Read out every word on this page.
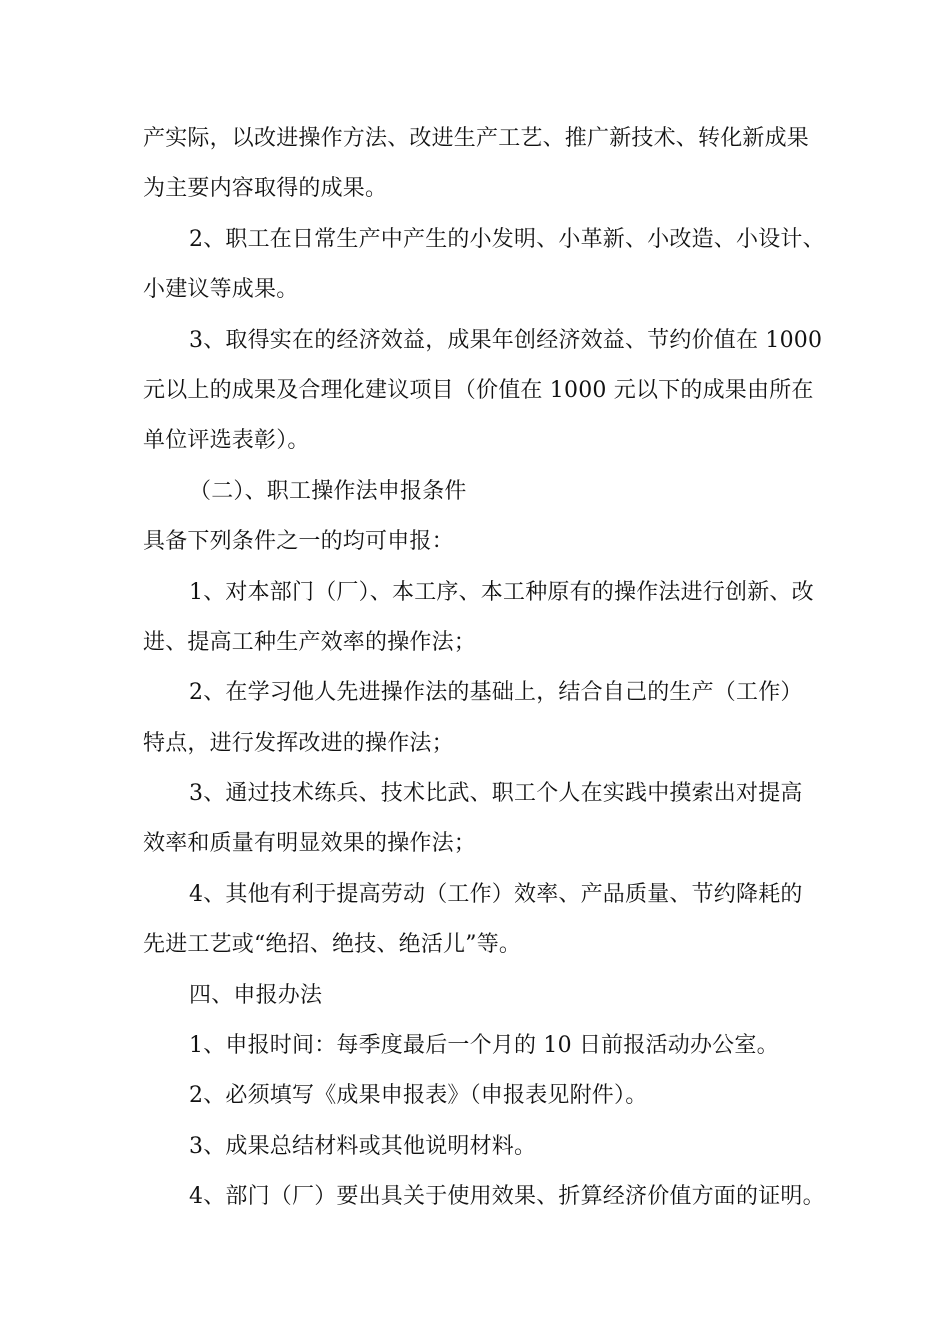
产实际，以改进操作方法、改进生产工艺、推广新技术、转化新成果
为主要内容取得的成果。
2、职工在日常生产中产生的小发明、小革新、小改造、小设计、
小建议等成果。
3、取得实在的经济效益，成果年创经济效益、节约价值在 1000
元以上的成果及合理化建议项目（价值在 1000 元以下的成果由所在
单位评选表彰）。
（二）、职工操作法申报条件
具备下列条件之一的均可申报：
1、对本部门（厂）、本工序、本工种原有的操作法进行创新、改
进、提高工种生产效率的操作法；
2、在学习他人先进操作法的基础上，结合自己的生产（工作）
特点，进行发挥改进的操作法；
3、通过技术练兵、技术比武、职工个人在实践中摸索出对提高
效率和质量有明显效果的操作法；
4、其他有利于提高劳动（工作）效率、产品质量、节约降耗的
先进工艺或“绝招、绝技、绝活儿”等。
四、申报办法
1、申报时间：每季度最后一个月的 10 日前报活动办公室。
2、必须填写《成果申报表》（申报表见附件）。
3、成果总结材料或其他说明材料。
4、部门（厂）要出具关于使用效果、折算经济价值方面的证明。
